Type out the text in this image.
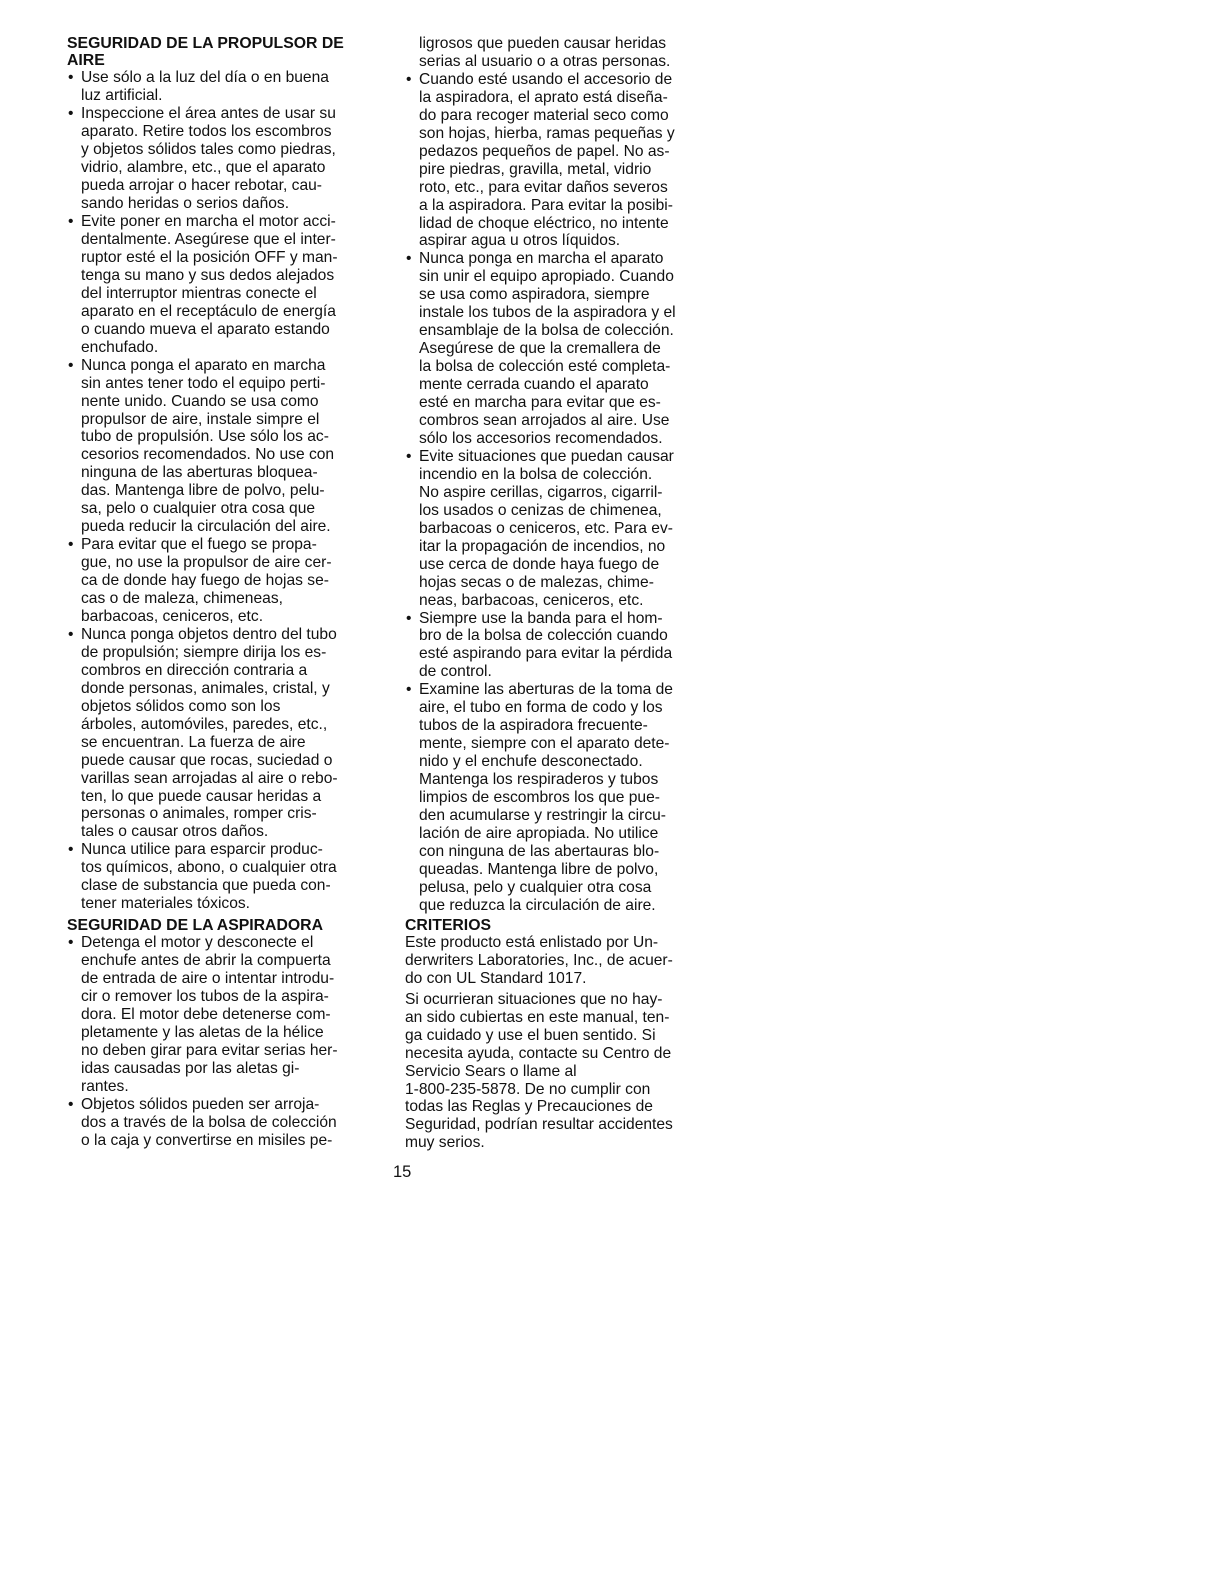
SEGURIDAD DE LA PROPULSOR DE
AIRE
• Use sólo a la luz del día o en buena
luz artificial.
• Inspeccione el área antes de usar su
aparato. Retire todos los escombros
y objetos sólidos tales como piedras,
vidrio, alambre, etc., que el aparato
pueda arrojar o hacer rebotar, cau-
sando heridas o serios daños.
• Evite poner en marcha el motor acci-
dentalmente. Asegúrese que el inter-
ruptor esté el la posición OFF y man-
tenga su mano y sus dedos alejados
del interruptor mientras conecte el
aparato en el receptáculo de energía
o cuando mueva el aparato estando
enchufado.
• Nunca ponga el aparato en marcha
sin antes tener todo el equipo perti-
nente unido. Cuando se usa como
propulsor de aire, instale simpre el
tubo de propulsión. Use sólo los ac-
cesorios recomendados. No use con
ninguna de las aberturas bloquea-
das. Mantenga libre de polvo, pelu-
sa, pelo o cualquier otra cosa que
pueda reducir la circulación del aire.
• Para evitar que el fuego se propa-
gue, no use la propulsor de aire cer-
ca de donde hay fuego de hojas se-
cas o de maleza, chimeneas,
barbacoas, ceniceros, etc.
• Nunca ponga objetos dentro del tubo
de propulsión; siempre dirija los es-
combros en dirección contraria a
donde personas, animales, cristal, y
objetos sólidos como son los
árboles, automóviles, paredes, etc.,
se encuentran. La fuerza de aire
puede causar que rocas, suciedad o
varillas sean arrojadas al aire o rebo-
ten, lo que puede causar heridas a
personas o animales, romper cris-
tales o causar otros daños.
• Nunca utilice para esparcir produc-
tos químicos, abono, o cualquier otra
clase de substancia que pueda con-
tener materiales tóxicos.
SEGURIDAD DE LA ASPIRADORA
• Detenga el motor y desconecte el
enchufe antes de abrir la compuerta
de entrada de aire o intentar introdu-
cir o remover los tubos de la aspira-
dora. El motor debe detenerse com-
pletamente y las aletas de la hélice
no deben girar para evitar serias her-
idas causadas por las aletas gi-
rantes.
• Objetos sólidos pueden ser arroja-
dos a través de la bolsa de colección
o la caja y convertirse en misiles pe-
ligrosos que pueden causar heridas
serias al usuario o a otras personas.
• Cuando esté usando el accesorio de
la aspiradora, el aprato está diseña-
do para recoger material seco como
son hojas, hierba, ramas pequeñas y
pedazos pequeños de papel. No as-
pire piedras, gravilla, metal, vidrio
roto, etc., para evitar daños severos
a la aspiradora. Para evitar la posibi-
lidad de choque eléctrico, no intente
aspirar agua u otros líquidos.
• Nunca ponga en marcha el aparato
sin unir el equipo apropiado. Cuando
se usa como aspiradora, siempre
instale los tubos de la aspiradora y el
ensamblaje de la bolsa de colección.
Asegúrese de que la cremallera de
la bolsa de colección esté completa-
mente cerrada cuando el aparato
esté en marcha para evitar que es-
combros sean arrojados al aire. Use
sólo los accesorios recomendados.
• Evite situaciones que puedan causar
incendio en la bolsa de colección.
No aspire cerillas, cigarros, cigarril-
los usados o cenizas de chimenea,
barbacoas o ceniceros, etc. Para ev-
itar la propagación de incendios, no
use cerca de donde haya fuego de
hojas secas o de malezas, chime-
neas, barbacoas, ceniceros, etc.
• Siempre use la banda para el hom-
bro de la bolsa de colección cuando
esté aspirando para evitar la pérdida
de control.
• Examine las aberturas de la toma de
aire, el tubo en forma de codo y los
tubos de la aspiradora frecuente-
mente, siempre con el aparato dete-
nido y el enchufe desconectado.
Mantenga los respiraderos y tubos
limpios de escombros los que pue-
den acumularse y restringir la circu-
lación de aire apropiada. No utilice
con ninguna de las abertauras blo-
queadas. Mantenga libre de polvo,
pelusa, pelo y cualquier otra cosa
que reduzca la circulación de aire.
CRITERIOS
Este producto está enlistado por Un-
derwriters Laboratories, Inc., de acuer-
do con UL Standard 1017.
Si ocurrieran situaciones que no hay-
an sido cubiertas en este manual, ten-
ga cuidado y use el buen sentido. Si
necesita ayuda, contacte su Centro de
Servicio Sears o llame al
1-800-235-5878. De no cumplir con
todas las Reglas y Precauciones de
Seguridad, podrían resultar accidentes
muy serios.
15
